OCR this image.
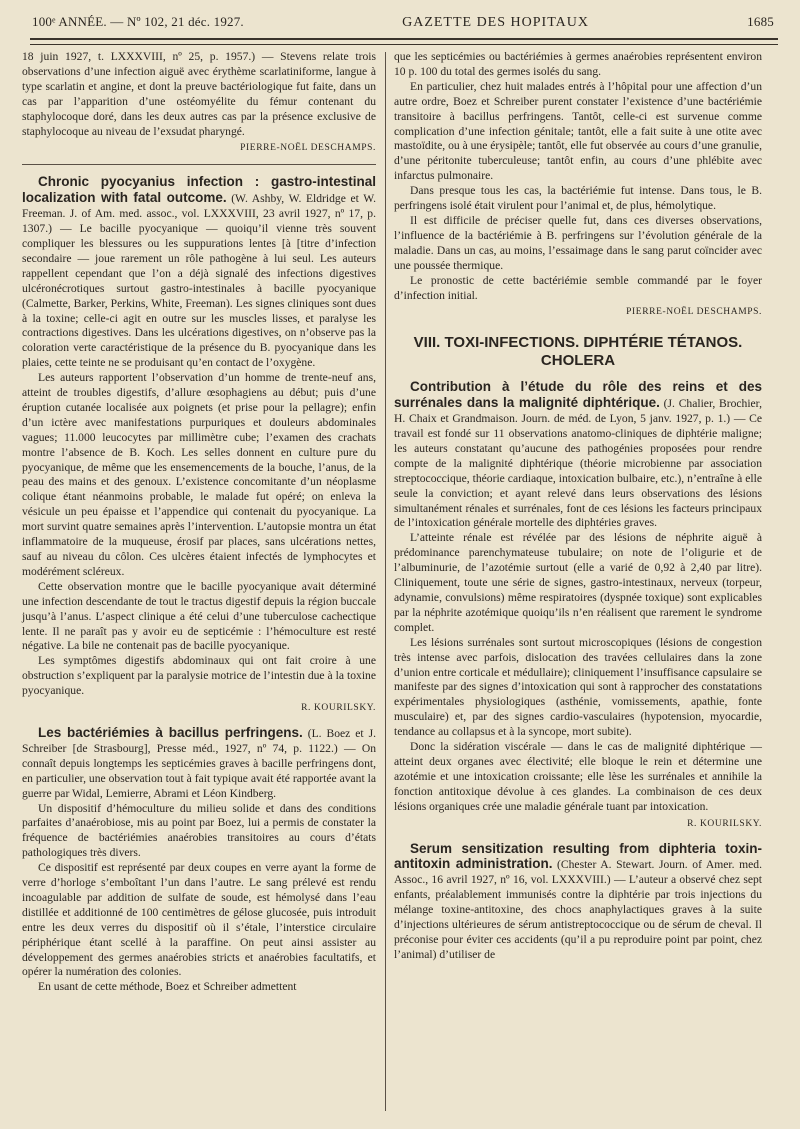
100ᵉ ANNÉE. — Nº 102, 21 déc. 1927.	GAZETTE DES HOPITAUX	1685

18 juin 1927, t. LXXXVIII, nº 25, p. 1957.) — Stevens relate trois observations d’une infection aiguë avec érythème scarlatiniforme, langue à type scarlatin et angine, et dont la preuve bactériologique fut faite, dans un cas par l’apparition d’une ostéomyélite du fémur contenant du staphylocoque doré, dans les deux autres cas par la présence exclusive de staphylocoque au niveau de l’exsudat pharyngé.

PIERRE-NOËL DESCHAMPS.

Chronic pyocyanius infection : gastro-intestinal localization with fatal outcome. (W. Ashby, W. Eldridge et W. Freeman. J. of Am. med. assoc., vol. LXXXVIII, 23 avril 1927, nº 17, p. 1307.) — Le bacille pyocyanique — quoiqu’il vienne très souvent compliquer les blessures ou les suppurations lentes [à [titre d’infection secondaire — joue rarement un rôle pathogène à lui seul. Les auteurs rappellent cependant que l’on a déjà signalé des infections digestives ulcéronécrotiques surtout gastro-intestinales à bacille pyocyanique (Calmette, Barker, Perkins, White, Freeman). Les signes cliniques sont dues à la toxine; celle-ci agit en outre sur les muscles lisses, et paralyse les contractions digestives. Dans les ulcérations digestives, on n’observe pas la coloration verte caractéristique de la présence du B. pyocyanique dans les plaies, cette teinte ne se produisant qu’en contact de l’oxygène.

Les auteurs rapportent l’observation d’un homme de trente-neuf ans, atteint de troubles digestifs, d’allure œsophagiens au début; puis d’une éruption cutanée localisée aux poignets (et prise pour la pellagre); enfin d’un ictère avec manifestations purpuriques et douleurs abdominales vagues; 11.000 leucocytes par millimètre cube; l’examen des crachats montre l’absence de B. Koch. Les selles donnent en culture pure du pyocyanique, de même que les ensemencements de la bouche, l’anus, de la peau des mains et des genoux. L’existence concomitante d’un néoplasme colique étant néanmoins probable, le malade fut opéré; on enleva la vésicule un peu épaisse et l’appendice qui contenait du pyocyanique. La mort survint quatre semaines après l’intervention. L’autopsie montra un état inflammatoire de la muqueuse, érosif par places, sans ulcérations nettes, sauf au niveau du côlon. Ces ulcères étaient infectés de lymphocytes et modérément scléreux.

Cette observation montre que le bacille pyocyanique avait déterminé une infection descendante de tout le tractus digestif depuis la région buccale jusqu’à l’anus. L’aspect clinique a été celui d’une tuberculose cachectique lente. Il ne paraît pas y avoir eu de septicémie : l’hémoculture est resté négative. La bile ne contenait pas de bacille pyocyanique.

Les symptômes digestifs abdominaux qui ont fait croire à une obstruction s’expliquent par la paralysie motrice de l’intestin due à la toxine pyocyanique.

R. KOURILSKY.

Les bactériémies à bacillus perfringens. (L. Boez et J. Schreiber [de Strasbourg], Presse méd., 1927, nº 74, p. 1122.) — On connaît depuis longtemps les septicémies graves à bacille perfringens dont, en particulier, une observation tout à fait typique avait été rapportée avant la guerre par Widal, Lemierre, Abrami et Léon Kindberg.

Un dispositif d’hémoculture du milieu solide et dans des conditions parfaites d’anaérobiose, mis au point par Boez, lui a permis de constater la fréquence de bactériémies anaérobies transitoires au cours d’états pathologiques très divers.

Ce dispositif est représenté par deux coupes en verre ayant la forme de verre d’horloge s’emboîtant l’un dans l’autre. Le sang prélevé est rendu incoagulable par addition de sulfate de soude, est hémolysé dans l’eau distillée et additionné de 100 centimètres de gélose glucosée, puis introduit entre les deux verres du dispositif où il s’étale, l’interstice circulaire périphérique étant scellé à la paraffine. On peut ainsi assister au développement des germes anaérobies stricts et anaérobies facultatifs, et opérer la numération des colonies.

En usant de cette méthode, Boez et Schreiber admettent

que les septicémies ou bactériémies à germes anaérobies représentent environ 10 p. 100 du total des germes isolés du sang.

En particulier, chez huit malades entrés à l’hôpital pour une affection d’un autre ordre, Boez et Schreiber purent constater l’existence d’une bactériémie transitoire à bacillus perfringens. Tantôt, celle-ci est survenue comme complication d’une infection génitale; tantôt, elle a fait suite à une otite avec mastoïdite, ou à une érysipèle; tantôt, elle fut observée au cours d’une granulie, d’une péritonite tuberculeuse; tantôt enfin, au cours d’une phlébite avec infarctus pulmonaire.

Dans presque tous les cas, la bactériémie fut intense. Dans tous, le B. perfringens isolé était virulent pour l’animal et, de plus, hémolytique.

Il est difficile de préciser quelle fut, dans ces diverses observations, l’influence de la bactériémie à B. perfringens sur l’évolution générale de la maladie. Dans un cas, au moins, l’essaimage dans le sang parut coïncider avec une poussée thermique.

Le pronostic de cette bactériémie semble commandé par le foyer d’infection initial.

PIERRE-NOËL DESCHAMPS.
VIII. TOXI-INFECTIONS. DIPHTÉRIE TÉTANOS. CHOLERA

Contribution à l’étude du rôle des reins et des surrénales dans la malignité diphtérique. (J. Chalier, Brochier, H. Chaix et Grandmaison. Journ. de méd. de Lyon, 5 janv. 1927, p. 1.) — Ce travail est fondé sur 11 observations anatomo-cliniques de diphtérie maligne; les auteurs constatant qu’aucune des pathogénies proposées pour rendre compte de la malignité diphtérique (théorie microbienne par association streptococcique, théorie cardiaque, intoxication bulbaire, etc.), n’entraîne à elle seule la conviction; et ayant relevé dans leurs observations des lésions simultanément rénales et surrénales, font de ces lésions les facteurs principaux de l’intoxication générale mortelle des diphtéries graves.

L’atteinte rénale est révélée par des lésions de néphrite aiguë à prédominance parenchymateuse tubulaire; on note de l’oligurie et de l’albuminurie, de l’azotémie surtout (elle a varié de 0,92 à 2,40 par litre). Cliniquement, toute une série de signes, gastro-intestinaux, nerveux (torpeur, adynamie, convulsions) même respiratoires (dyspnée toxique) sont explicables par la néphrite azotémique quoiqu’ils n’en réalisent que rarement le syndrome complet.

Les lésions surrénales sont surtout microscopiques (lésions de congestion très intense avec parfois, dislocation des travées cellulaires dans la zone d’union entre corticale et médullaire); cliniquement l’insuffisance capsulaire se manifeste par des signes d’intoxication qui sont à rapprocher des constatations expérimentales physiologiques (asthénie, vomissements, apathie, fonte musculaire) et, par des signes cardio-vasculaires (hypotension, myocardie, tendance au collapsus et à la syncope, mort subite).

Donc la sidération viscérale — dans le cas de malignité diphtérique — atteint deux organes avec électivité; elle bloque le rein et détermine une azotémie et une intoxication croissante; elle lèse les surrénales et annihile la fonction antitoxique dévolue à ces glandes. La combinaison de ces deux lésions organiques crée une maladie générale tuant par intoxication.

R. KOURILSKY.

Serum sensitization resulting from diphteria toxin-antitoxin administration. (Chester A. Stewart. Journ. of Amer. med. Assoc., 16 avril 1927, nº 16, vol. LXXXVIII.) — L’auteur a observé chez sept enfants, préalablement immunisés contre la diphtérie par trois injections du mélange toxine-antitoxine, des chocs anaphylactiques graves à la suite d’injections ultérieures de sérum antistreptococcique ou de sérum de cheval. Il préconise pour éviter ces accidents (qu’il a pu reproduire point par point, chez l’animal) d’utiliser de
